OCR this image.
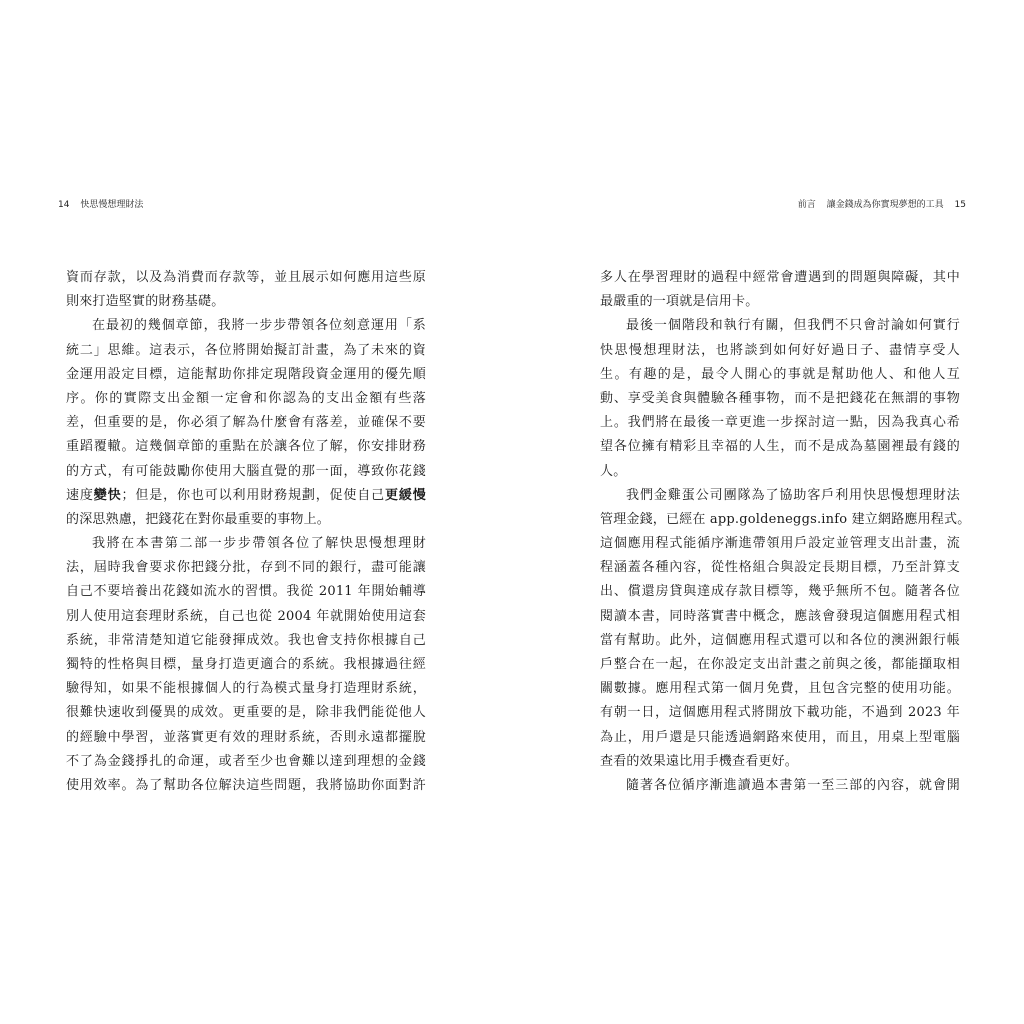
14 快思慢想理財法	前言 讓金錢成為你實現夢想的工具 15
資而存款，以及為消費而存款等，並且展示如何應用這些原
則來打造堅實的財務基礎。
在最初的幾個章節，我將一步步帶領各位刻意運用「系
統二」思維。這表示，各位將開始擬訂計畫，為了未來的資
金運用設定目標，這能幫助你排定現階段資金運用的優先順
序。你的實際支出金額一定會和你認為的支出金額有些落
差，但重要的是，你必須了解為什麼會有落差，並確保不要
重蹈覆轍。這幾個章節的重點在於讓各位了解，你安排財務
的方式，有可能鼓勵你使用大腦直覺的那一面，導致你花錢
速度變快；但是，你也可以利用財務規劃，促使自己更緩慢
的深思熟慮，把錢花在對你最重要的事物上。
我將在本書第二部一步步帶領各位了解快思慢想理財
法，屆時我會要求你把錢分批，存到不同的銀行，盡可能讓
自己不要培養出花錢如流水的習慣。我從 2011 年開始輔導
別人使用這套理財系統，自己也從 2004 年就開始使用這套
系統，非常清楚知道它能發揮成效。我也會支持你根據自己
獨特的性格與目標，量身打造更適合的系統。我根據過往經
驗得知，如果不能根據個人的行為模式量身打造理財系統，
很難快速收到優異的成效。更重要的是，除非我們能從他人
的經驗中學習，並落實更有效的理財系統，否則永遠都擺脫
不了為金錢掙扎的命運，或者至少也會難以達到理想的金錢
使用效率。為了幫助各位解決這些問題，我將協助你面對許
多人在學習理財的過程中經常會遭遇到的問題與障礙，其中
最嚴重的一項就是信用卡。
最後一個階段和執行有關，但我們不只會討論如何實行
快思慢想理財法，也將談到如何好好過日子、盡情享受人
生。有趣的是，最令人開心的事就是幫助他人、和他人互
動、享受美食與體驗各種事物，而不是把錢花在無謂的事物
上。我們將在最後一章更進一步探討這一點，因為我真心希
望各位擁有精彩且幸福的人生，而不是成為墓園裡最有錢的
人。
我們金雞蛋公司團隊為了協助客戶利用快思慢想理財法
管理金錢，已經在 app.goldeneggs.info 建立網路應用程式。
這個應用程式能循序漸進帶領用戶設定並管理支出計畫，流
程涵蓋各種內容，從性格組合與設定長期目標，乃至計算支
出、償還房貸與達成存款目標等，幾乎無所不包。隨著各位
閱讀本書，同時落實書中概念，應該會發現這個應用程式相
當有幫助。此外，這個應用程式還可以和各位的澳洲銀行帳
戶整合在一起，在你設定支出計畫之前與之後，都能擷取相
關數據。應用程式第一個月免費，且包含完整的使用功能。
有朝一日，這個應用程式將開放下載功能，不過到 2023 年
為止，用戶還是只能透過網路來使用，而且，用桌上型電腦
查看的效果遠比用手機查看更好。
隨著各位循序漸進讀過本書第一至三部的內容，就會開
